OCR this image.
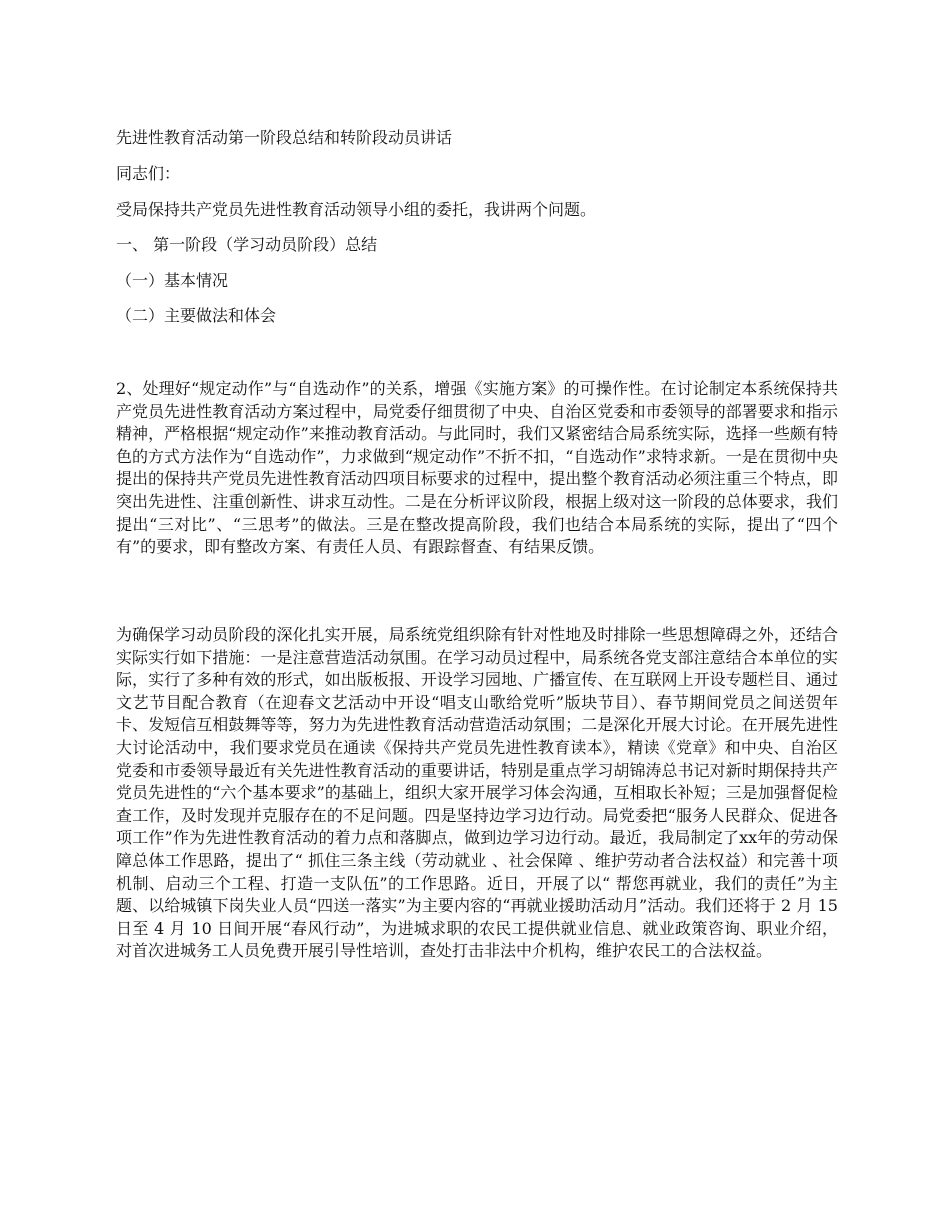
先进性教育活动第一阶段总结和转阶段动员讲话
同志们：
受局保持共产党员先进性教育活动领导小组的委托，我讲两个问题。
一、 第一阶段（学习动员阶段）总结
（一）基本情况
（二）主要做法和体会
2、处理好“规定动作”与“自选动作”的关系，增强《实施方案》的可操作性。在讨论制定本系统保持共产党员先进性教育活动方案过程中，局党委仔细贯彻了中央、自治区党委和市委领导的部署要求和指示精神，严格根据“规定动作”来推动教育活动。与此同时，我们又紧密结合局系统实际，选择一些颇有特色的方式方法作为“自选动作”，力求做到“规定动作”不折不扣，“自选动作”求特求新。一是在贯彻中央提出的保持共产党员先进性教育活动四项目标要求的过程中，提出整个教育活动必须注重三个特点，即突出先进性、注重创新性、讲求互动性。二是在分析评议阶段，根据上级对这一阶段的总体要求，我们提出“三对比”、“三思考”的做法。三是在整改提高阶段，我们也结合本局系统的实际，提出了“四个有”的要求，即有整改方案、有责任人员、有跟踪督查、有结果反馈。
为确保学习动员阶段的深化扎实开展，局系统党组织除有针对性地及时排除一些思想障碍之外，还结合实际实行如下措施：一是注意营造活动氛围。在学习动员过程中，局系统各党支部注意结合本单位的实际，实行了多种有效的形式，如出版板报、开设学习园地、广播宣传、在互联网上开设专题栏目、通过文艺节目配合教育（在迎春文艺活动中开设“唱支山歌给党听”版块节目）、春节期间党员之间送贺年卡、发短信互相鼓舞等等，努力为先进性教育活动营造活动氛围；二是深化开展大讨论。在开展先进性大讨论活动中，我们要求党员在通读《保持共产党员先进性教育读本》，精读《党章》和中央、自治区党委和市委领导最近有关先进性教育活动的重要讲话，特别是重点学习胡锦涛总书记对新时期保持共产党员先进性的“六个基本要求”的基础上，组织大家开展学习体会沟通，互相取长补短；三是加强督促检查工作，及时发现并克服存在的不足问题。四是坚持边学习边行动。局党委把“服务人民群众、促进各项工作”作为先进性教育活动的着力点和落脚点，做到边学习边行动。最近，我局制定了xx年的劳动保障总体工作思路，提出了“ 抓住三条主线（劳动就业 、社会保障 、维护劳动者合法权益）和完善十项机制、启动三个工程、打造一支队伍”的工作思路。近日，开展了以“ 帮您再就业，我们的责任”为主题、以给城镇下岗失业人员“四送一落实”为主要内容的“再就业援助活动月”活动。我们还将于 2 月 15 日至 4 月 10 日间开展“春风行动”，为进城求职的农民工提供就业信息、就业政策咨询、职业介绍，对首次进城务工人员免费开展引导性培训，查处打击非法中介机构，维护农民工的合法权益。
